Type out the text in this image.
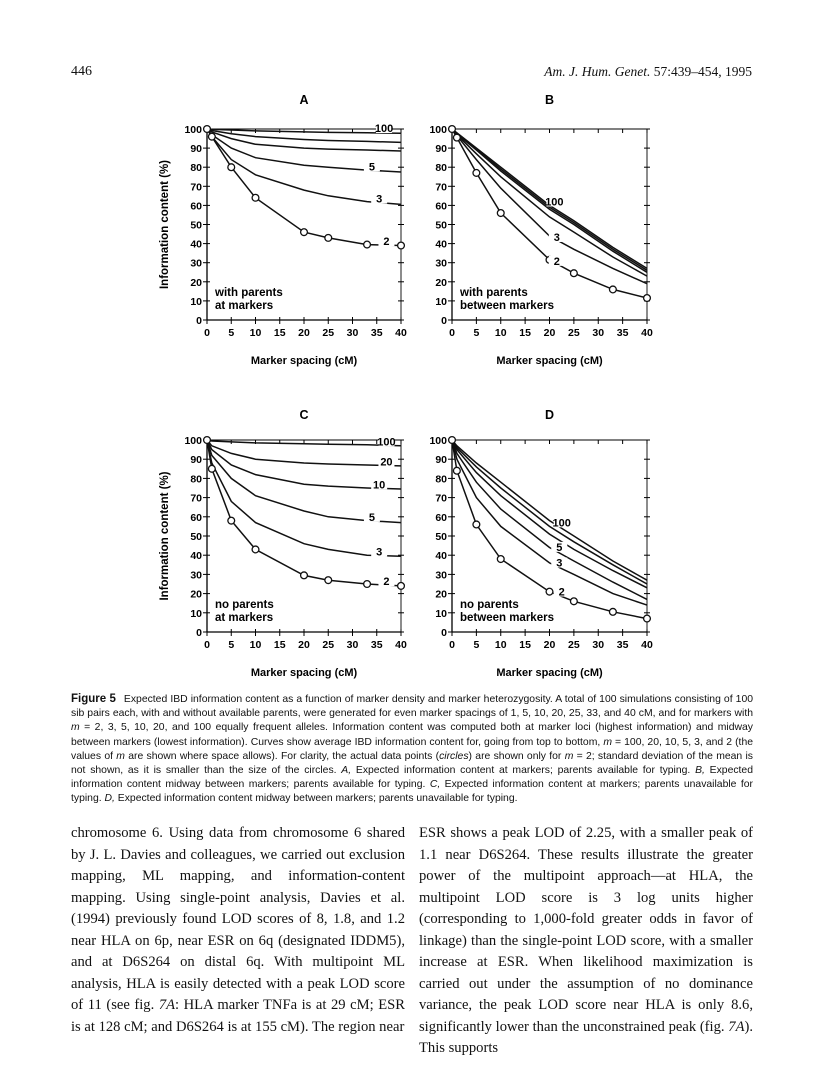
446	Am. J. Hum. Genet. 57:439–454, 1995
A
0
10
20
30
40
50
60
70
80
90
100
0 5 10 15 20 25 30 35 40
Marker spacing (cM)
Information content (%)
with parents
at markers
100
5
3
2
B
0
10
20
30
40
50
60
70
80
90
100
0 5 10 15 20 25 30 35 40
Marker spacing (cM)
with parents
between markers
100
3
2
C
0
10
20
30
40
50
60
70
80
90
100
0 5 10 15 20 25 30 35 40
Marker spacing (cM)
Information content (%)
no parents
at markers
100
20
10
5
3
2
D
0
10
20
30
40
50
60
70
80
90
100
0 5 10 15 20 25 30 35 40
Marker spacing (cM)
no parents
between markers
100
5
3
2
Figure 5 Expected IBD information content as a function of marker density and marker heterozygosity. A total of 100 simulations consisting of 100 sib pairs each, with and without available parents, were generated for even marker spacings of 1, 5, 10, 20, 25, 33, and 40 cM, and for markers with m = 2, 3, 5, 10, 20, and 100 equally frequent alleles. Information content was computed both at marker loci (highest information) and midway between markers (lowest information). Curves show average IBD information content for, going from top to bottom, m = 100, 20, 10, 5, 3, and 2 (the values of m are shown where space allows). For clarity, the actual data points (circles) are shown only for m = 2; standard deviation of the mean is not shown, as it is smaller than the size of the circles. A, Expected information content at markers; parents available for typing. B, Expected information content midway between markers; parents available for typing. C, Expected information content at markers; parents unavailable for typing. D, Expected information content midway between markers; parents unavailable for typing.
chromosome 6. Using data from chromosome 6 shared by J. L. Davies and colleagues, we carried out exclusion mapping, ML mapping, and information-content mapping. Using single-point analysis, Davies et al. (1994) previously found LOD scores of 8, 1.8, and 1.2 near HLA on 6p, near ESR on 6q (designated IDDM5), and at D6S264 on distal 6q. With multipoint ML analysis, HLA is easily detected with a peak LOD score of 11 (see fig. 7A: HLA marker TNFa is at 29 cM; ESR is at 128 cM; and D6S264 is at 155 cM). The region near
ESR shows a peak LOD of 2.25, with a smaller peak of 1.1 near D6S264. These results illustrate the greater power of the multipoint approach—at HLA, the multipoint LOD score is 3 log units higher (corresponding to 1,000-fold greater odds in favor of linkage) than the single-point LOD score, with a smaller increase at ESR. When likelihood maximization is carried out under the assumption of no dominance variance, the peak LOD score near HLA is only 8.6, significantly lower than the unconstrained peak (fig. 7A). This supports
